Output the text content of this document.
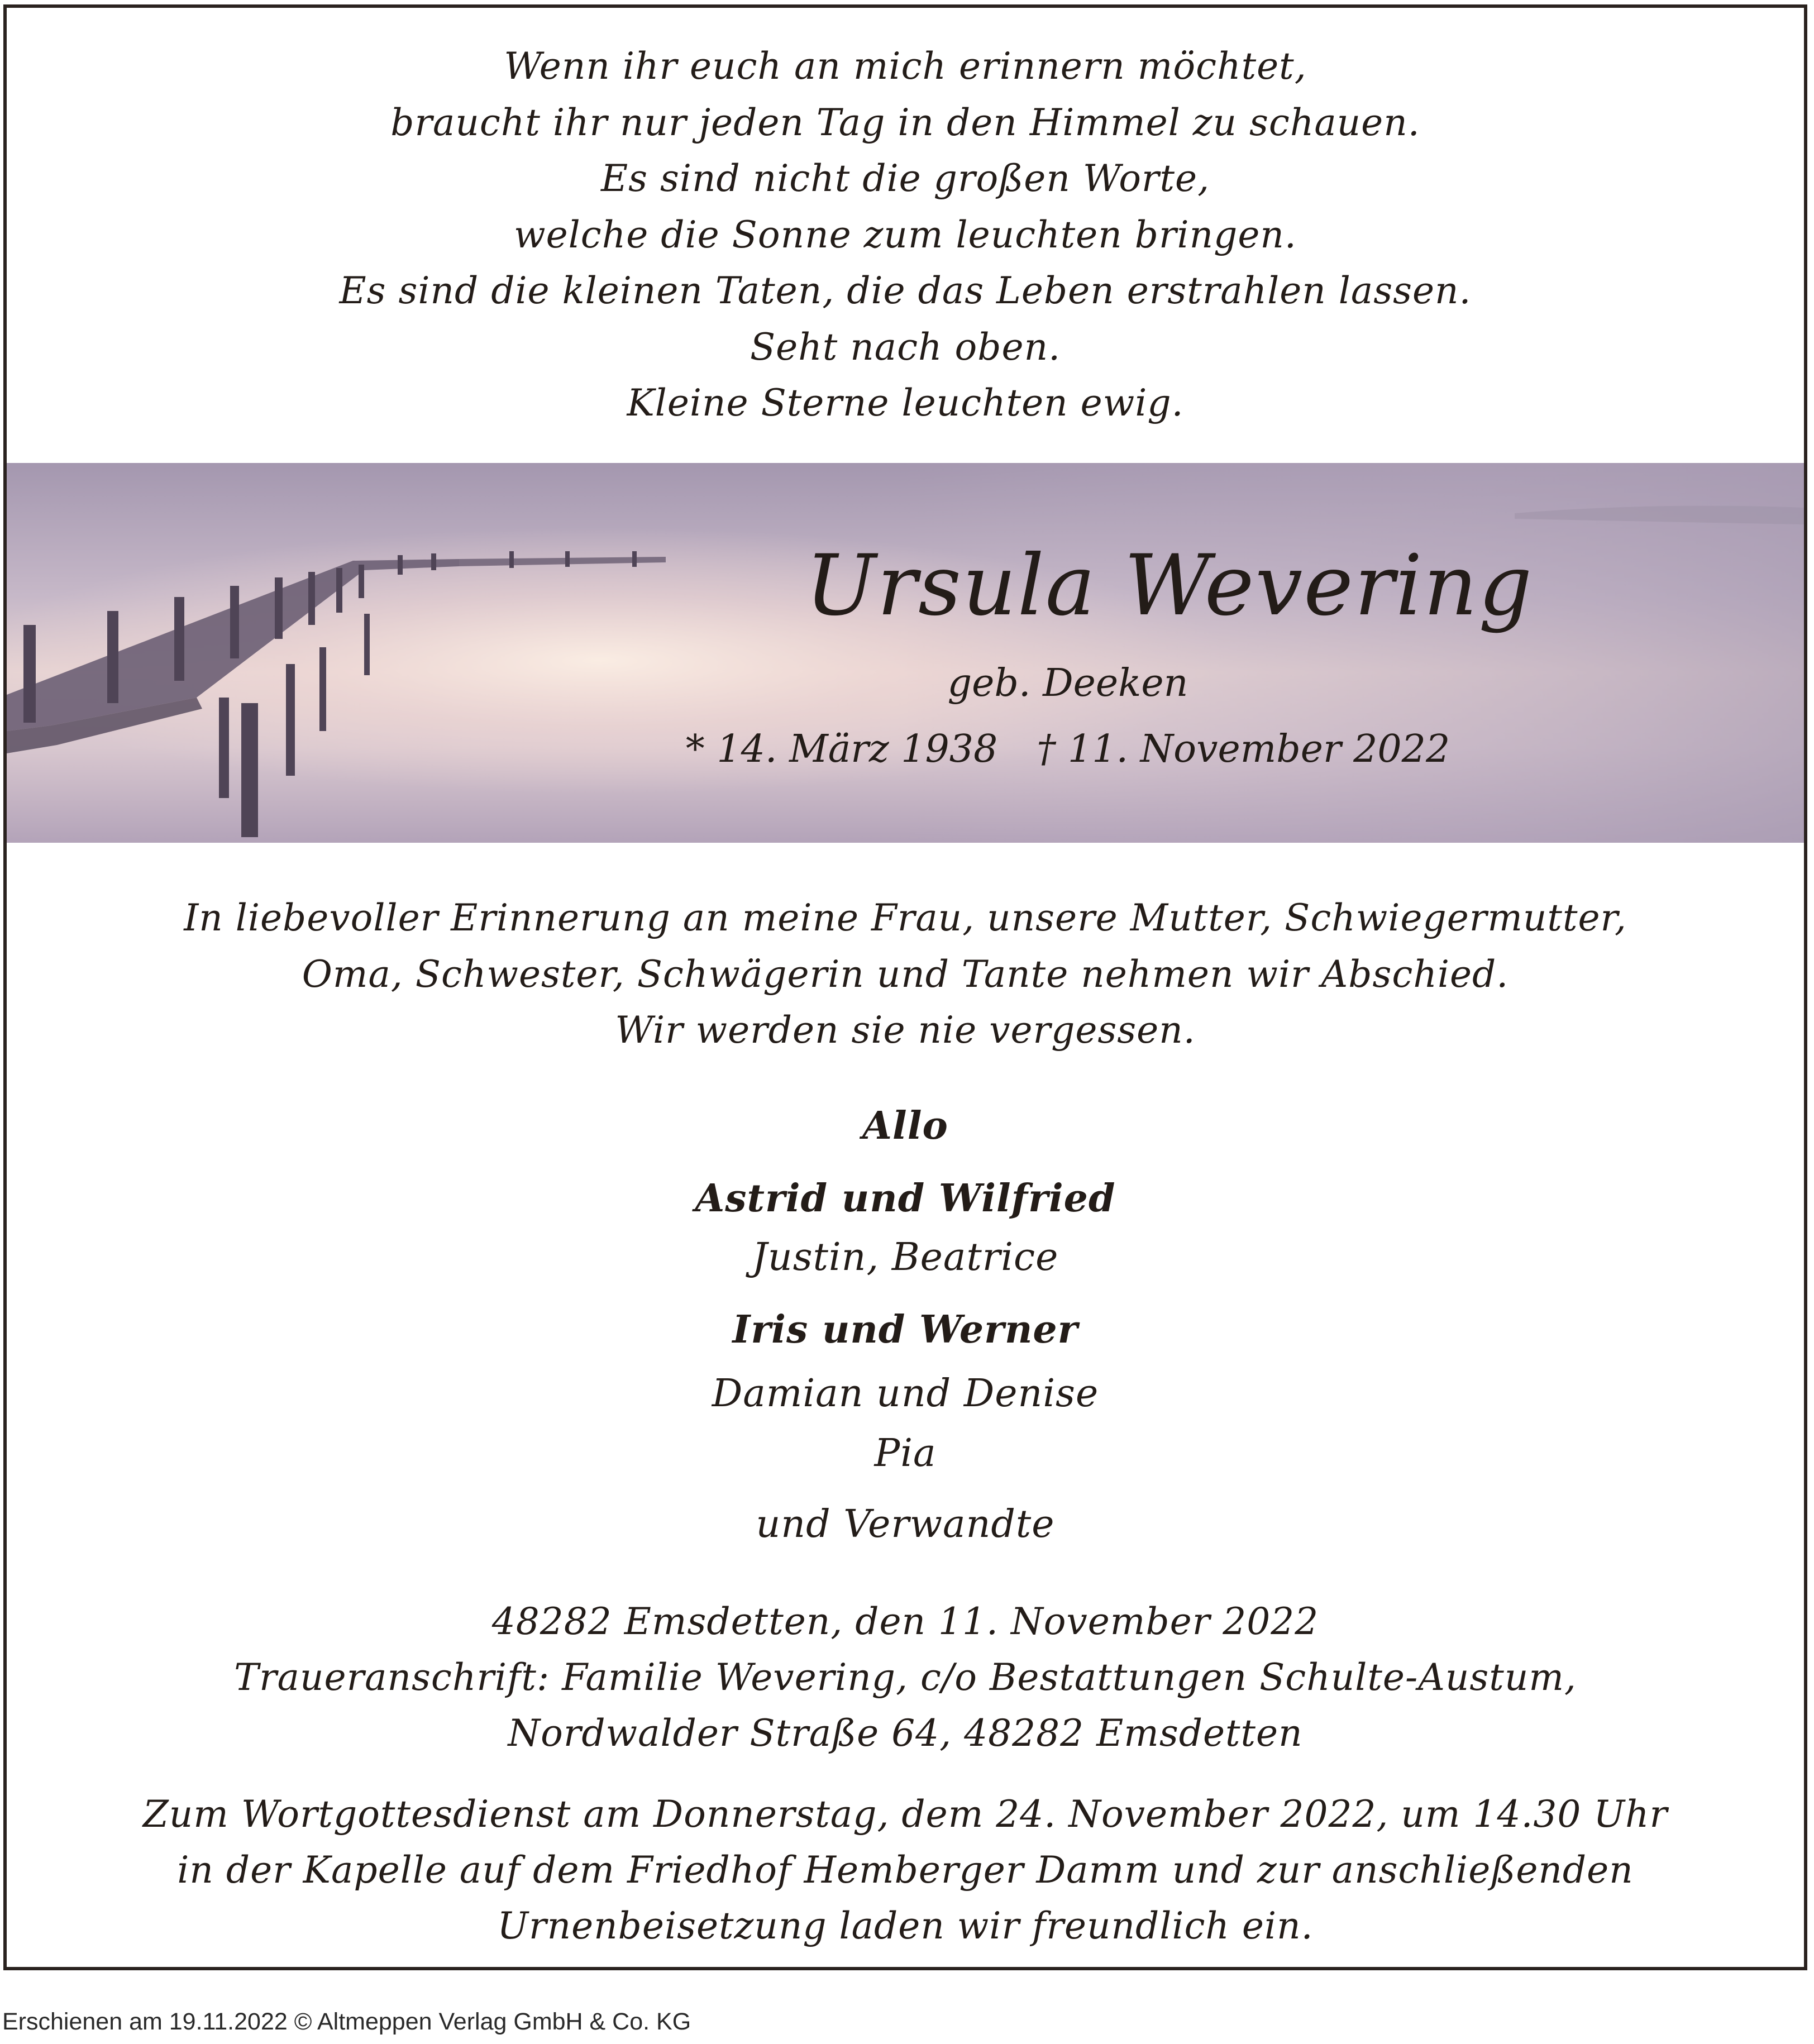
Wenn ihr euch an mich erinnern möchtet,
braucht ihr nur jeden Tag in den Himmel zu schauen.
Es sind nicht die großen Worte,
welche die Sonne zum leuchten bringen.
Es sind die kleinen Taten, die das Leben erstrahlen lassen.
Seht nach oben.
Kleine Sterne leuchten ewig.
Ursula Wevering
geb. Deeken
* 14. März 1938 † 11. November 2022
In liebevoller Erinnerung an meine Frau, unsere Mutter, Schwiegermutter,
Oma, Schwester, Schwägerin und Tante nehmen wir Abschied.
Wir werden sie nie vergessen.
Allo
Astrid und Wilfried
Justin, Beatrice
Iris und Werner
Damian und Denise
Pia
und Verwandte
48282 Emsdetten, den 11. November 2022
Traueranschrift: Familie Wevering, c/o Bestattungen Schulte-Austum,
Nordwalder Straße 64, 48282 Emsdetten
Zum Wortgottesdienst am Donnerstag, dem 24. November 2022, um 14.30 Uhr
in der Kapelle auf dem Friedhof Hemberger Damm und zur anschließenden
Urnenbeisetzung laden wir freundlich ein.
Erschienen am 19.11.2022 © Altmeppen Verlag GmbH & Co. KG
